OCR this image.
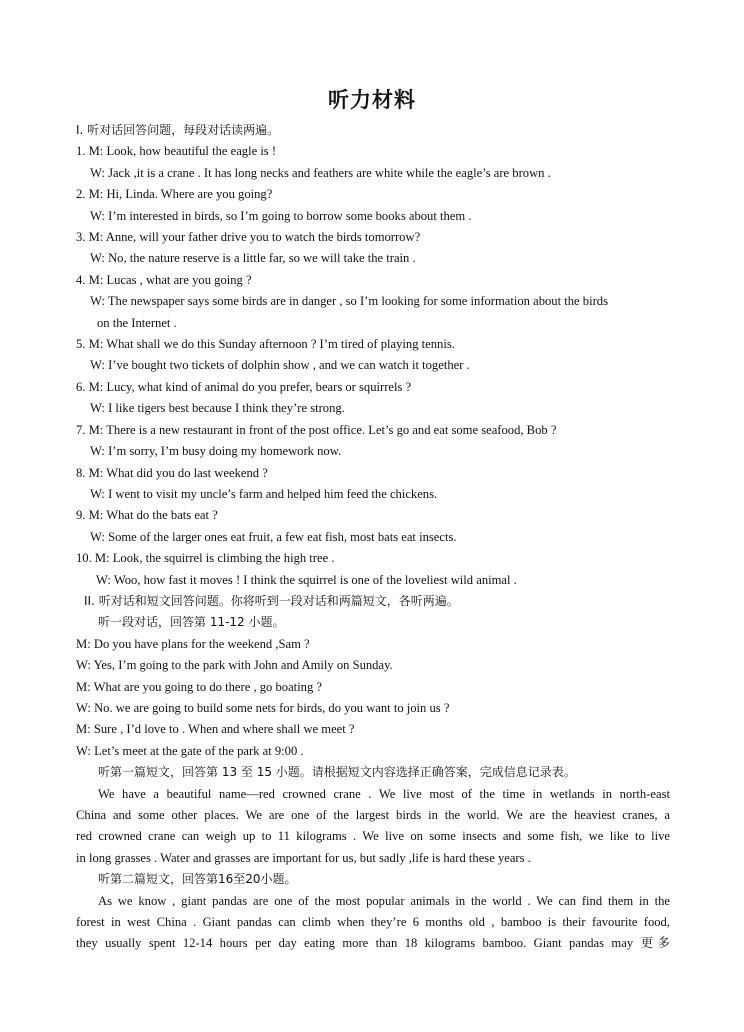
听力材料
I. 听对话回答问题，每段对话读两遍。
1. M: Look, how beautiful the eagle is !
W: Jack ,it is a crane . It has long necks and feathers are white while the eagle’s are brown .
2. M: Hi, Linda. Where are you going?
W: I’m interested in birds, so I’m going to borrow some books about them .
3. M: Anne, will your father drive you to watch the birds tomorrow?
W: No, the nature reserve is a little far, so we will take the train .
4. M: Lucas , what are you going ?
W: The newspaper says some birds are in danger , so I’m looking for some information about the birds
on the Internet .
5. M: What shall we do this Sunday afternoon ? I’m tired of playing tennis.
W: I’ve bought two tickets of dolphin show , and we can watch it together .
6. M: Lucy, what kind of animal do you prefer, bears or squirrels ?
W: I like tigers best because I think they’re strong.
7. M: There is a new restaurant in front of the post office. Let’s go and eat some seafood, Bob ?
W: I’m sorry, I’m busy doing my homework now.
8. M: What did you do last weekend ?
W: I went to visit my uncle’s farm and helped him feed the chickens.
9. M: What do the bats eat ?
W: Some of the larger ones eat fruit, a few eat fish, most bats eat insects.
10. M: Look, the squirrel is climbing the high tree .
W: Woo, how fast it moves ! I think the squirrel is one of the loveliest wild animal .
II. 听对话和短文回答问题。你将听到一段对话和两篇短文，各听两遍。
听一段对话，回答第 11-12 小题。
M: Do you have plans for the weekend ,Sam ?
W: Yes, I’m going to the park with John and Amily on Sunday.
M: What are you going to do there , go boating ?
W: No. we are going to build some nets for birds, do you want to join us ?
M: Sure , I’d love to . When and where shall we meet ?
W: Let’s meet at the gate of the park at 9:00 .
听第一篇短文，回答第 13 至 15 小题。请根据短文内容选择正确答案，完成信息记录表。
We have a beautiful name—red crowned crane . We live most of the time in wetlands in north-east
China and some other places. We are one of the largest birds in the world. We are the heaviest cranes, a
red crowned crane can weigh up to 11 kilograms . We live on some insects and some fish, we like to live
in long grasses . Water and grasses are important for us, but sadly ,life is hard these years .
听第二篇短文，回答第16至20小题。
As we know , giant pandas are one of the most popular animals in the world . We can find them in the
forest in west China . Giant pandas can climb when they’re 6 months old , bamboo is their favourite food,
they usually spent 12-14 hours per day eating more than 18 kilograms bamboo. Giant pandas may 更多
